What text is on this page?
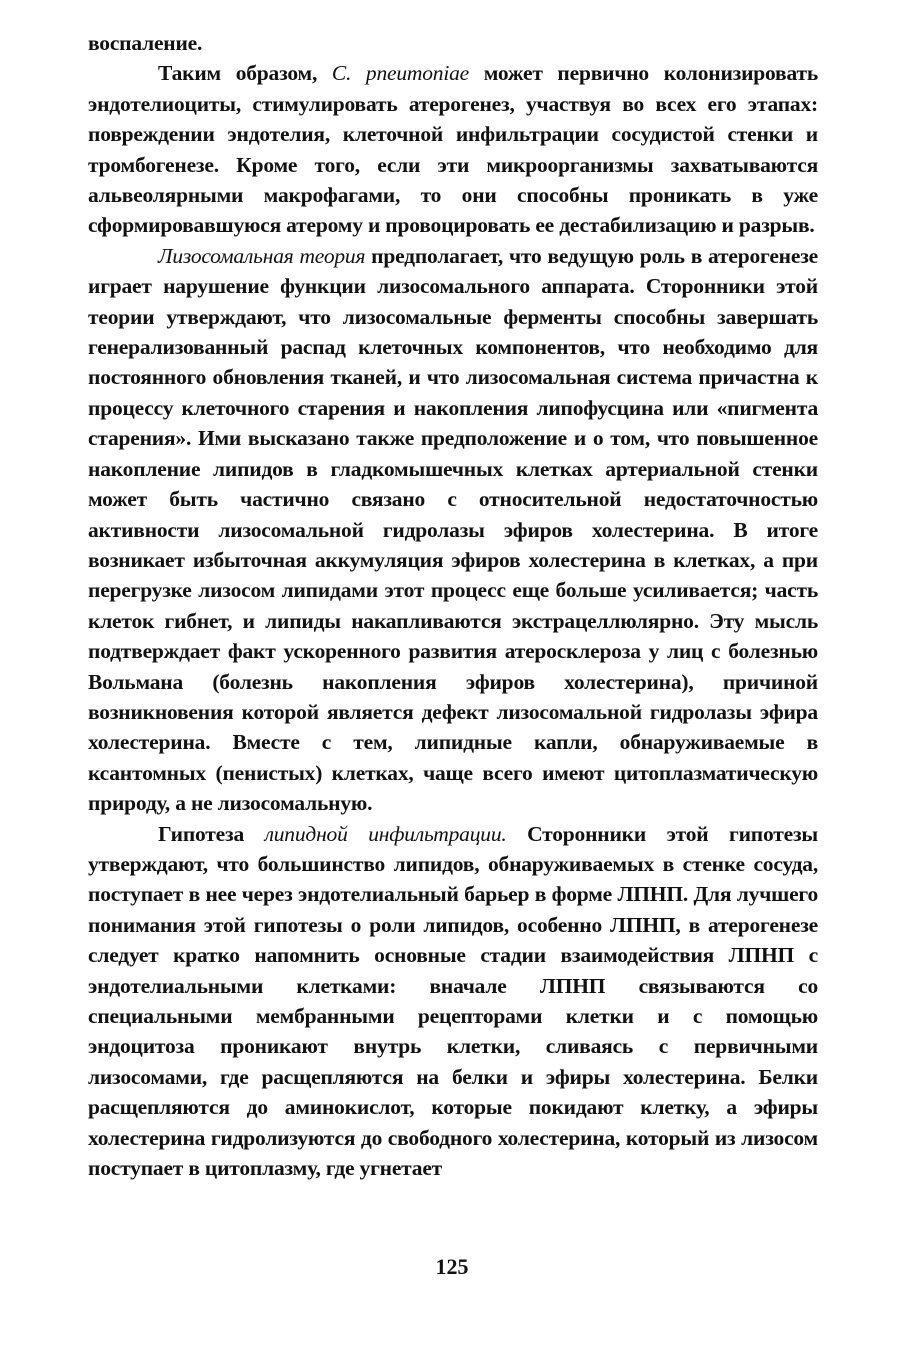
воспаление.

Таким образом, C. pneumoniae может первично колонизировать эндотелиоциты, стимулировать атерогенез, участвуя во всех его этапах: повреждении эндотелия, клеточной инфильтрации сосудистой стенки и тромбогенезе. Кроме того, если эти микроорганизмы захватываются альвеолярными макрофагами, то они способны проникать в уже сформировавшуюся атерому и провоцировать ее дестабилизацию и разрыв.

Лизосомальная теория предполагает, что ведущую роль в атерогенезе играет нарушение функции лизосомального аппарата. Сторонники этой теории утверждают, что лизосомальные ферменты способны завершать генерализованный распад клеточных компонентов, что необходимо для постоянного обновления тканей, и что лизосомальная система причастна к процессу клеточного старения и накопления липофусцина или «пигмента старения». Ими высказано также предположение и о том, что повышенное накопление липидов в гладкомышечных клетках артериальной стенки может быть частично связано с относительной недостаточностью активности лизосомальной гидролазы эфиров холестерина. В итоге возникает избыточная аккумуляция эфиров холестерина в клетках, а при перегрузке лизосом липидами этот процесс еще больше усиливается; часть клеток гибнет, и липиды накапливаются экстрацеллюлярно. Эту мысль подтверждает факт ускоренного развития атеросклероза у лиц с болезнью Вольмана (болезнь накопления эфиров холестерина), причиной возникновения которой является дефект лизосомальной гидролазы эфира холестерина. Вместе с тем, липидные капли, обнаруживаемые в ксантомных (пенистых) клетках, чаще всего имеют цитоплазматическую природу, а не лизосомальную.

Гипотеза липидной инфильтрации. Сторонники этой гипотезы утверждают, что большинство липидов, обнаруживаемых в стенке сосуда, поступает в нее через эндотелиальный барьер в форме ЛПНП. Для лучшего понимания этой гипотезы о роли липидов, особенно ЛПНП, в атерогенезе следует кратко напомнить основные стадии взаимодействия ЛПНП с эндотелиальными клетками: вначале ЛПНП связываются со специальными мембранными рецепторами клетки и с помощью эндоцитоза проникают внутрь клетки, сливаясь с первичными лизосомами, где расщепляются на белки и эфиры холестерина. Белки расщепляются до аминокислот, которые покидают клетку, а эфиры холестерина гидролизуются до свободного холестерина, который из лизосом поступает в цитоплазму, где угнетает

125
